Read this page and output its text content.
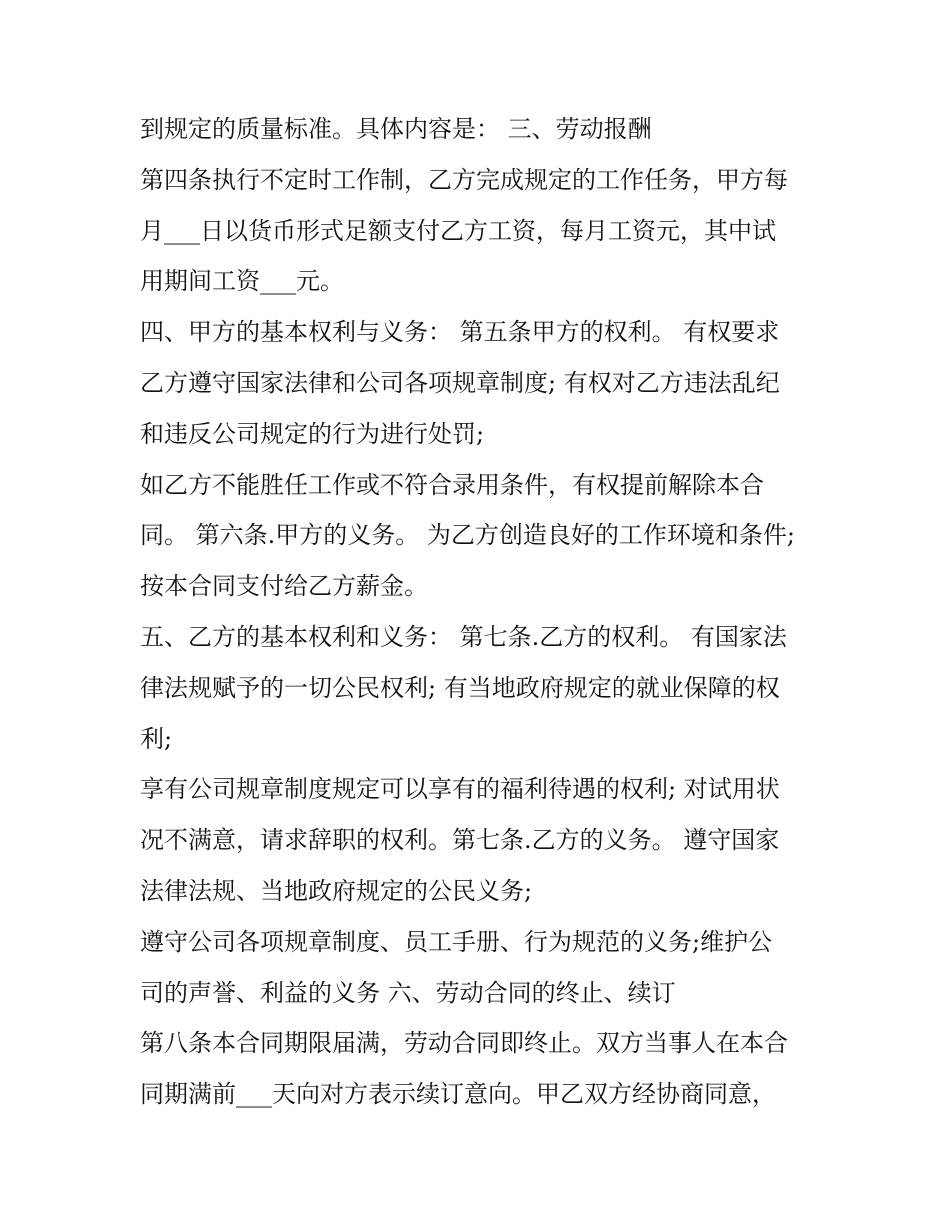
到规定的质量标准。具体内容是： 三、劳动报酬
第四条执行不定时工作制，乙方完成规定的工作任务，甲方每
月___日以货币形式足额支付乙方工资，每月工资元，其中试
用期间工资___元。
四、甲方的基本权利与义务： 第五条甲方的权利。 有权要求
乙方遵守国家法律和公司各项规章制度; 有权对乙方违法乱纪
和违反公司规定的行为进行处罚;
如乙方不能胜任工作或不符合录用条件，有权提前解除本合
同。 第六条.甲方的义务。 为乙方创造良好的工作环境和条件;
按本合同支付给乙方薪金。
五、乙方的基本权利和义务： 第七条.乙方的权利。 有国家法
律法规赋予的一切公民权利; 有当地政府规定的就业保障的权
利;
享有公司规章制度规定可以享有的福利待遇的权利; 对试用状
况不满意，请求辞职的权利。第七条.乙方的义务。 遵守国家
法律法规、当地政府规定的公民义务;
遵守公司各项规章制度、员工手册、行为规范的义务;维护公
司的声誉、利益的义务 六、劳动合同的终止、续订
第八条本合同期限届满，劳动合同即终止。双方当事人在本合
同期满前___天向对方表示续订意向。甲乙双方经协商同意，
